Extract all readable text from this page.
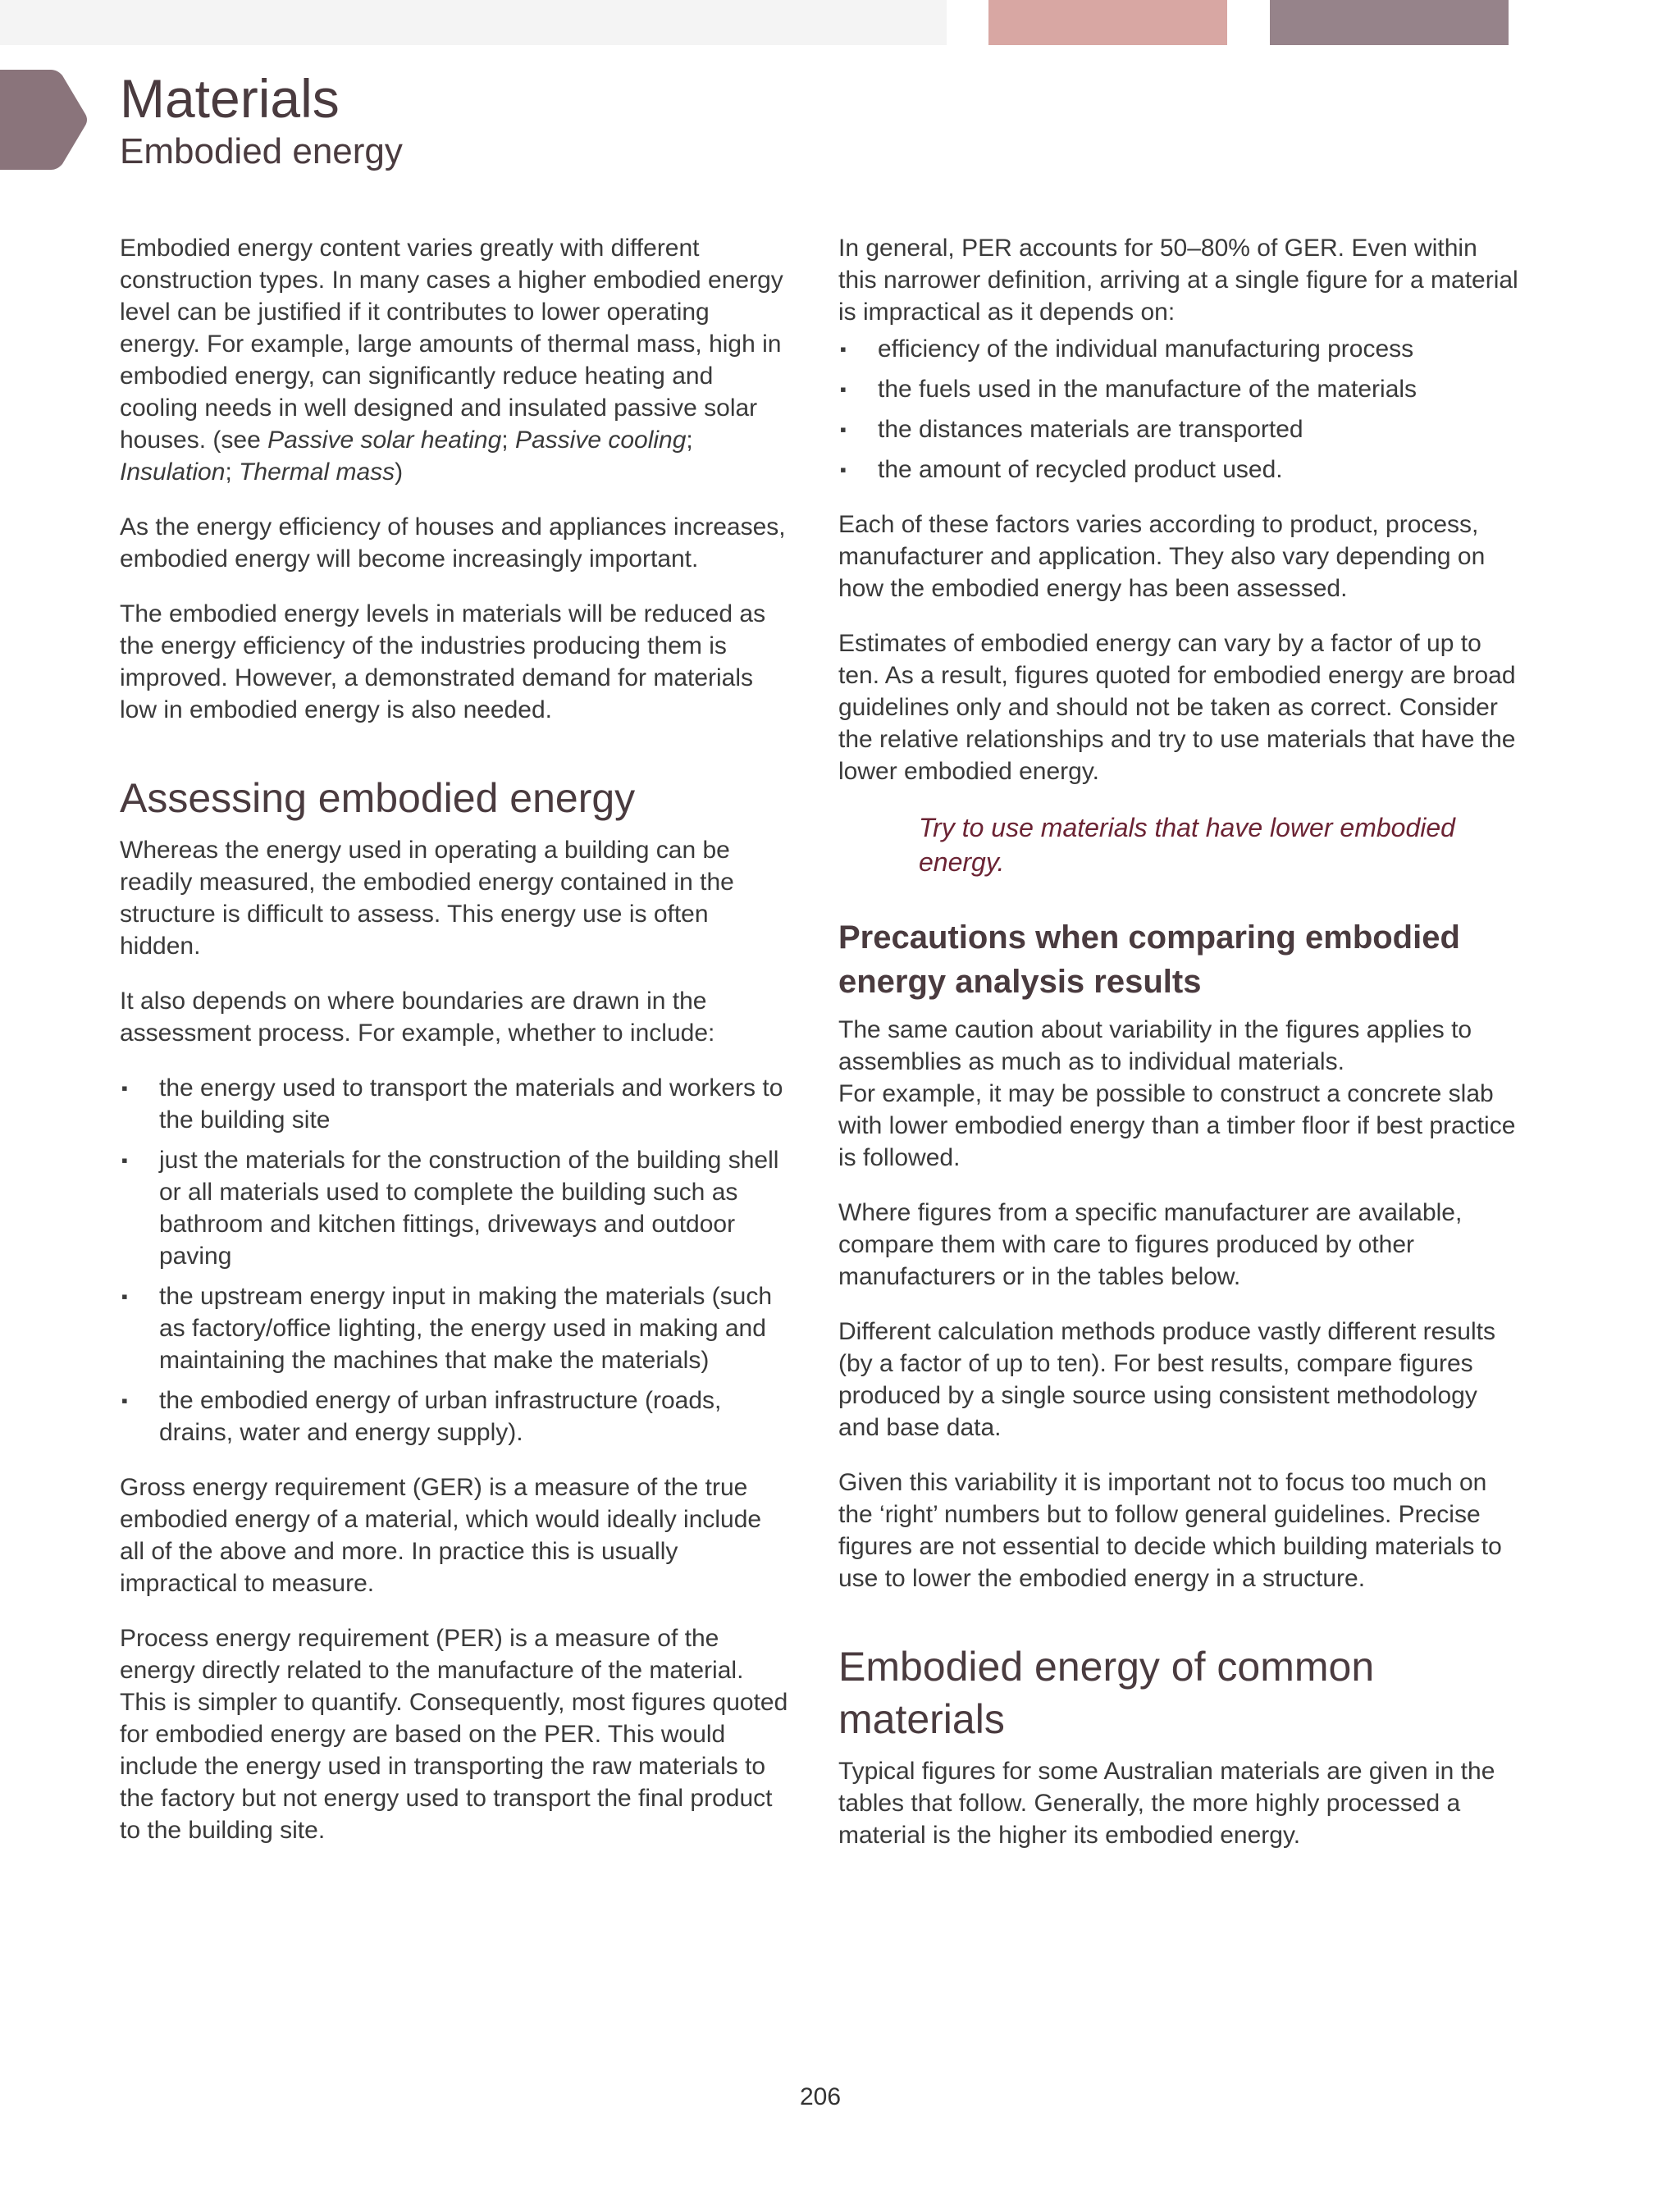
Materials
Embodied energy

Embodied energy content varies greatly with different construction types. In many cases a higher embodied energy level can be justified if it contributes to lower operating energy. For example, large amounts of thermal mass, high in embodied energy, can significantly reduce heating and cooling needs in well designed and insulated passive solar houses. (see Passive solar heating; Passive cooling; Insulation; Thermal mass)

As the energy efficiency of houses and appliances increases, embodied energy will become increasingly important.

The embodied energy levels in materials will be reduced as the energy efficiency of the industries producing them is improved. However, a demonstrated demand for materials low in embodied energy is also needed.

Assessing embodied energy

Whereas the energy used in operating a building can be readily measured, the embodied energy contained in the structure is difficult to assess. This energy use is often hidden.

It also depends on where boundaries are drawn in the assessment process. For example, whether to include:

▪ the energy used to transport the materials and workers to the building site
▪ just the materials for the construction of the building shell or all materials used to complete the building such as bathroom and kitchen fittings, driveways and outdoor paving
▪ the upstream energy input in making the materials (such as factory/office lighting, the energy used in making and maintaining the machines that make the materials)
▪ the embodied energy of urban infrastructure (roads, drains, water and energy supply).

Gross energy requirement (GER) is a measure of the true embodied energy of a material, which would ideally include all of the above and more. In practice this is usually impractical to measure.

Process energy requirement (PER) is a measure of the energy directly related to the manufacture of the material. This is simpler to quantify. Consequently, most figures quoted for embodied energy are based on the PER. This would include the energy used in transporting the raw materials to the factory but not energy used to transport the final product to the building site.

In general, PER accounts for 50–80% of GER. Even within this narrower definition, arriving at a single figure for a material is impractical as it depends on:

▪ efficiency of the individual manufacturing process
▪ the fuels used in the manufacture of the materials
▪ the distances materials are transported
▪ the amount of recycled product used.

Each of these factors varies according to product, process, manufacturer and application. They also vary depending on how the embodied energy has been assessed.

Estimates of embodied energy can vary by a factor of up to ten. As a result, figures quoted for embodied energy are broad guidelines only and should not be taken as correct. Consider the relative relationships and try to use materials that have the lower embodied energy.

Try to use materials that have lower embodied energy.

Precautions when comparing embodied energy analysis results

The same caution about variability in the figures applies to assemblies as much as to individual materials.
For example, it may be possible to construct a concrete slab with lower embodied energy than a timber floor if best practice is followed.

Where figures from a specific manufacturer are available, compare them with care to figures produced by other manufacturers or in the tables below.

Different calculation methods produce vastly different results (by a factor of up to ten). For best results, compare figures produced by a single source using consistent methodology and base data.

Given this variability it is important not to focus too much on the ‘right’ numbers but to follow general guidelines. Precise figures are not essential to decide which building materials to use to lower the embodied energy in a structure.

Embodied energy of common materials

Typical figures for some Australian materials are given in the tables that follow. Generally, the more highly processed a material is the higher its embodied energy.

206
